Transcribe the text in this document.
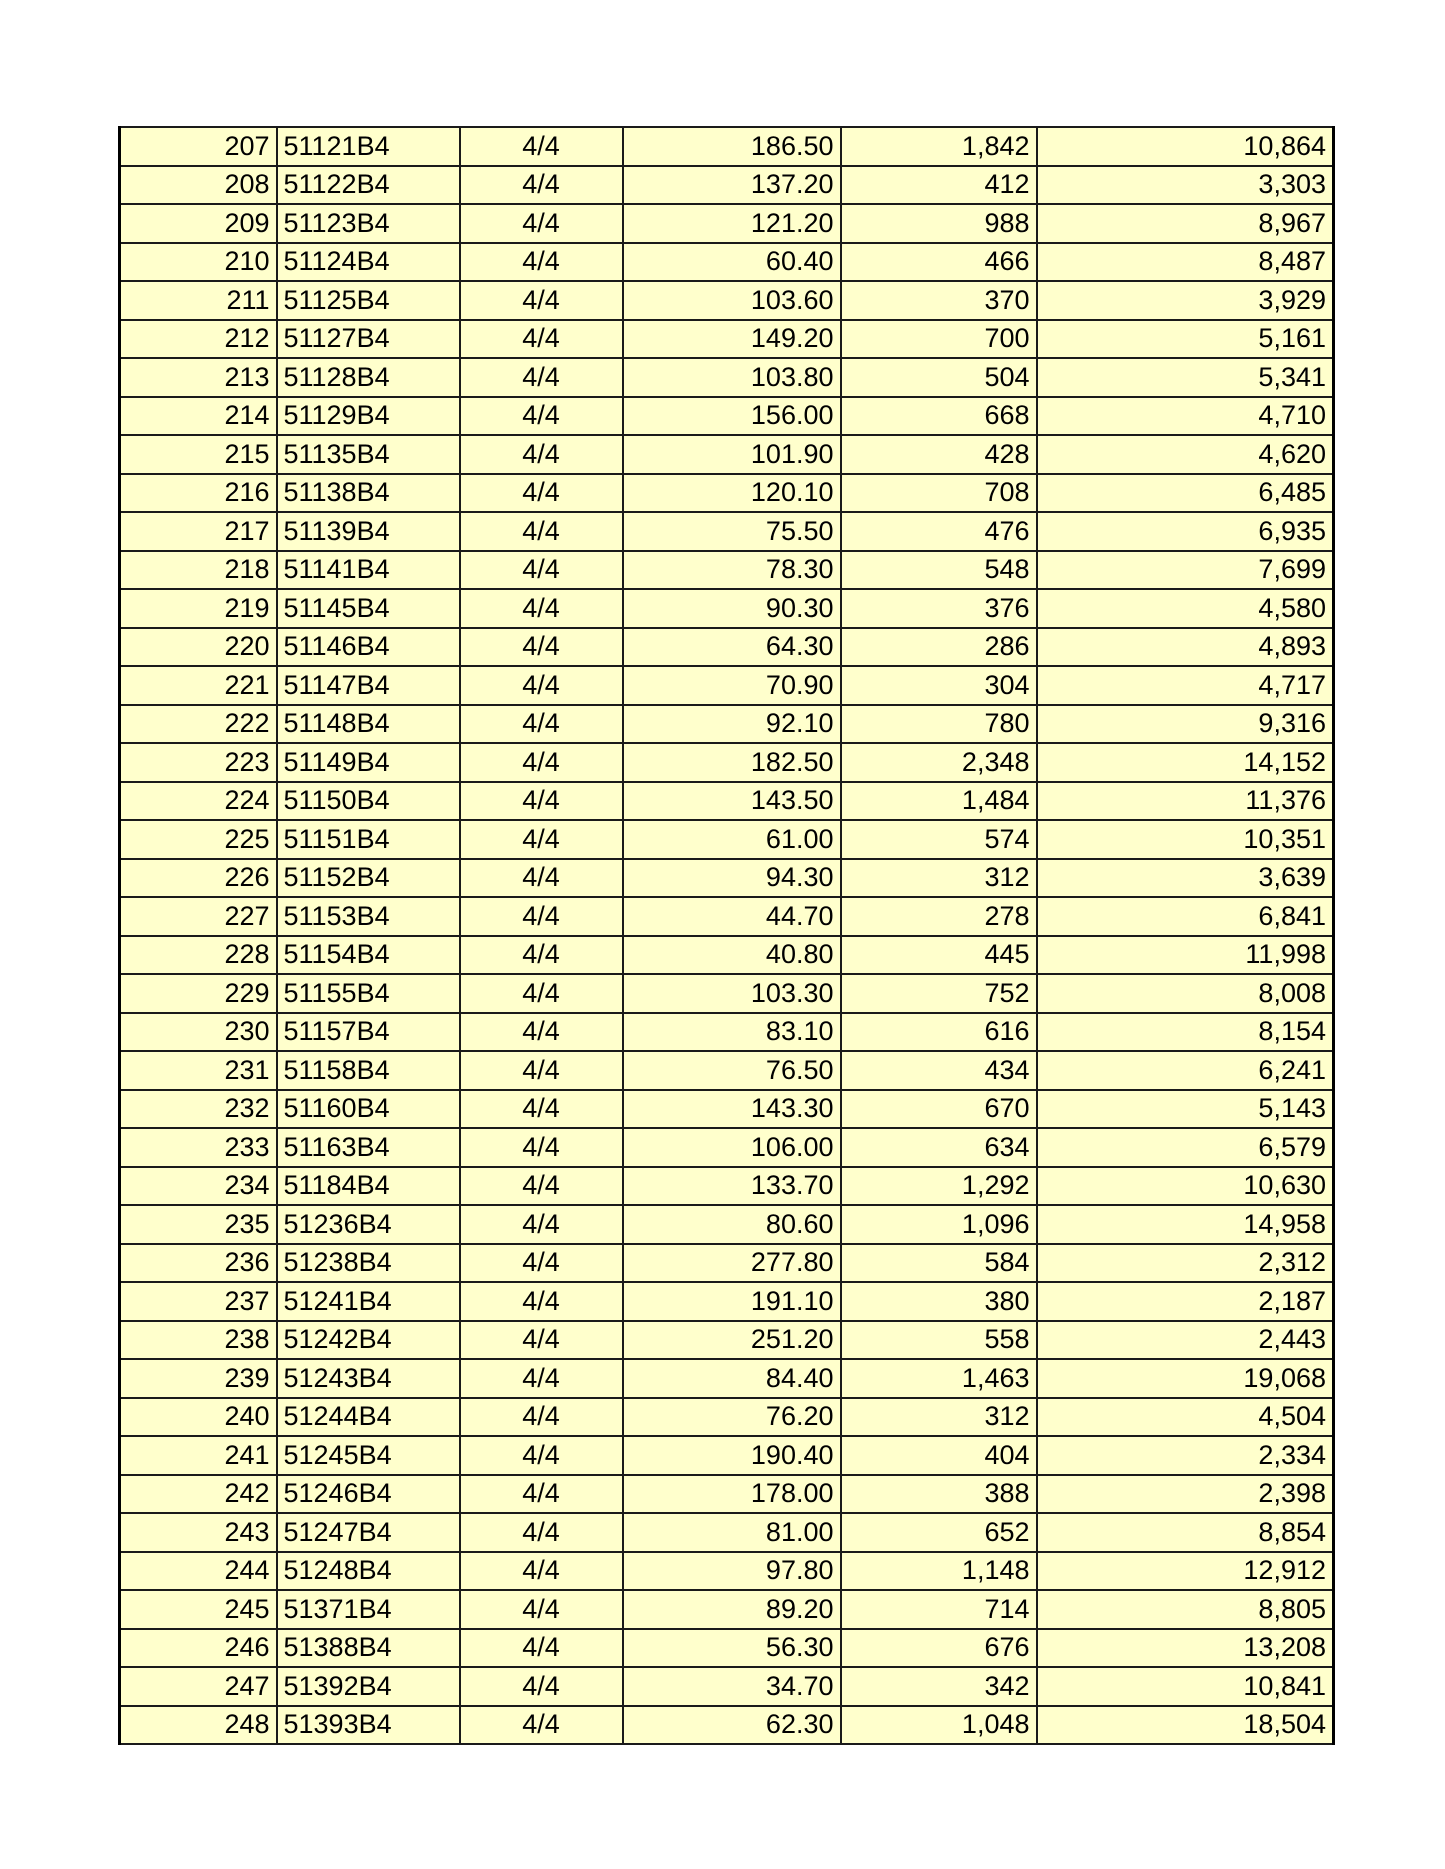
207	51121B4	4/4	186.50	1,842	10,864
208	51122B4	4/4	137.20	412	3,303
209	51123B4	4/4	121.20	988	8,967
210	51124B4	4/4	60.40	466	8,487
211	51125B4	4/4	103.60	370	3,929
212	51127B4	4/4	149.20	700	5,161
213	51128B4	4/4	103.80	504	5,341
214	51129B4	4/4	156.00	668	4,710
215	51135B4	4/4	101.90	428	4,620
216	51138B4	4/4	120.10	708	6,485
217	51139B4	4/4	75.50	476	6,935
218	51141B4	4/4	78.30	548	7,699
219	51145B4	4/4	90.30	376	4,580
220	51146B4	4/4	64.30	286	4,893
221	51147B4	4/4	70.90	304	4,717
222	51148B4	4/4	92.10	780	9,316
223	51149B4	4/4	182.50	2,348	14,152
224	51150B4	4/4	143.50	1,484	11,376
225	51151B4	4/4	61.00	574	10,351
226	51152B4	4/4	94.30	312	3,639
227	51153B4	4/4	44.70	278	6,841
228	51154B4	4/4	40.80	445	11,998
229	51155B4	4/4	103.30	752	8,008
230	51157B4	4/4	83.10	616	8,154
231	51158B4	4/4	76.50	434	6,241
232	51160B4	4/4	143.30	670	5,143
233	51163B4	4/4	106.00	634	6,579
234	51184B4	4/4	133.70	1,292	10,630
235	51236B4	4/4	80.60	1,096	14,958
236	51238B4	4/4	277.80	584	2,312
237	51241B4	4/4	191.10	380	2,187
238	51242B4	4/4	251.20	558	2,443
239	51243B4	4/4	84.40	1,463	19,068
240	51244B4	4/4	76.20	312	4,504
241	51245B4	4/4	190.40	404	2,334
242	51246B4	4/4	178.00	388	2,398
243	51247B4	4/4	81.00	652	8,854
244	51248B4	4/4	97.80	1,148	12,912
245	51371B4	4/4	89.20	714	8,805
246	51388B4	4/4	56.30	676	13,208
247	51392B4	4/4	34.70	342	10,841
248	51393B4	4/4	62.30	1,048	18,504
